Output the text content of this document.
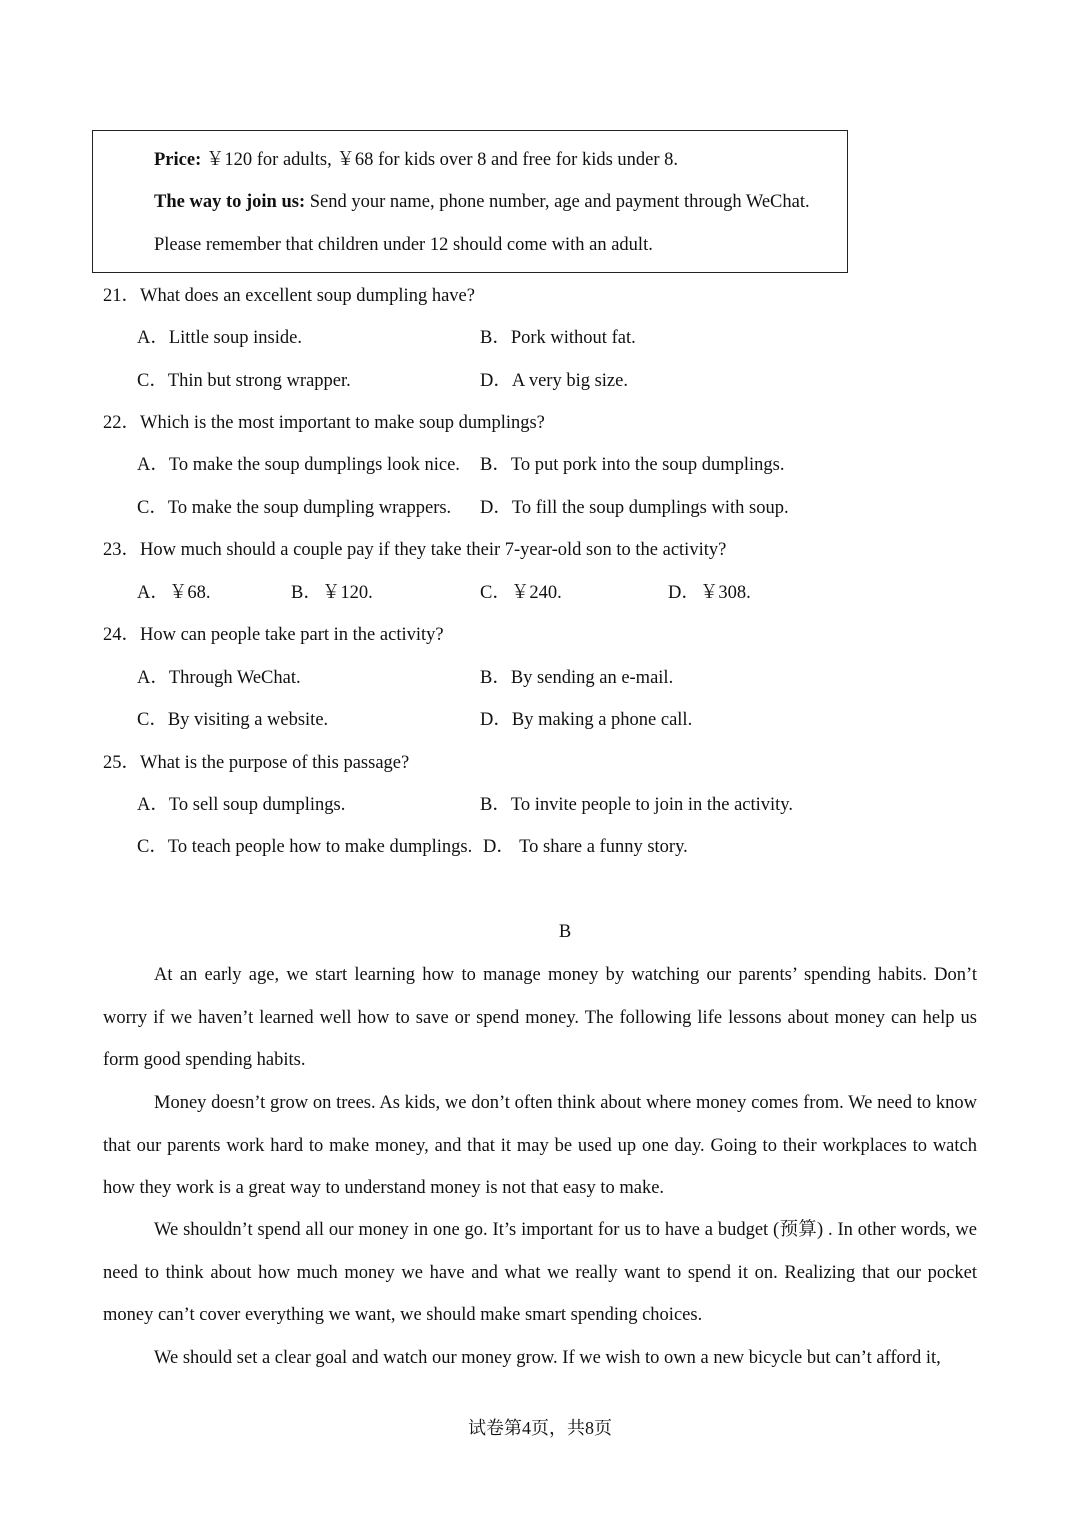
Price: ￥120 for adults, ￥68 for kids over 8 and free for kids under 8.
The way to join us: Send your name, phone number, age and payment through WeChat.
Please remember that children under 12 should come with an adult.
21．What does an excellent soup dumpling have?
A．Little soup inside.	B．Pork without fat.
C．Thin but strong wrapper.	D．A very big size.
22．Which is the most important to make soup dumplings?
A．To make the soup dumplings look nice. B．To put pork into the soup dumplings.
C．To make the soup dumpling wrappers. D．To fill the soup dumplings with soup.
23．How much should a couple pay if they take their 7-year-old son to the activity?
A．￥68.	B．￥120.	C．￥240.	D．￥308.
24．How can people take part in the activity?
A．Through WeChat.	B．By sending an e-mail.
C．By visiting a website.	D．By making a phone call.
25．What is the purpose of this passage?
A．To sell soup dumplings.	B．To invite people to join in the activity.
C．To teach people how to make dumplings. D． To share a funny story.
B
At an early age, we start learning how to manage money by watching our parents’ spending habits. Don’t worry if we haven’t learned well how to save or spend money. The following life lessons about money can help us form good spending habits.
Money doesn’t grow on trees. As kids, we don’t often think about where money comes from. We need to know that our parents work hard to make money, and that it may be used up one day. Going to their workplaces to watch how they work is a great way to understand money is not that easy to make.
We shouldn’t spend all our money in one go. It’s important for us to have a budget (预算) . In other words, we need to think about how much money we have and what we really want to spend it on. Realizing that our pocket money can’t cover everything we want, we should make smart spending choices.
We should set a clear goal and watch our money grow. If we wish to own a new bicycle but can’t afford it,
试卷第4页，共8页
